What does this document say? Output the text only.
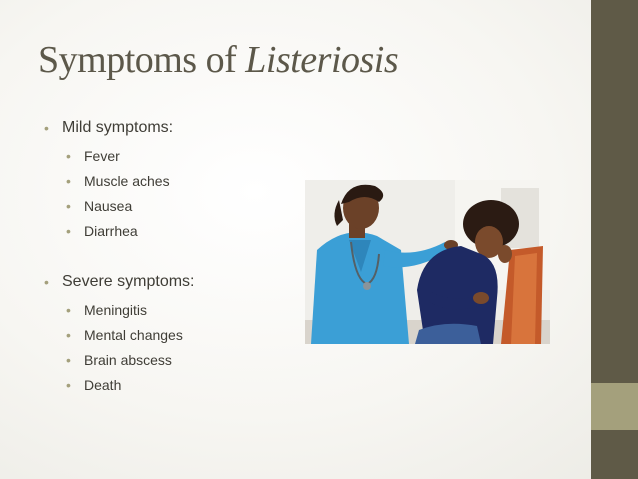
Symptoms of Listeriosis
• Mild symptoms:
• Fever
• Muscle aches
• Nausea
• Diarrhea
• Severe symptoms:
• Meningitis
• Mental changes
• Brain abscess
• Death
